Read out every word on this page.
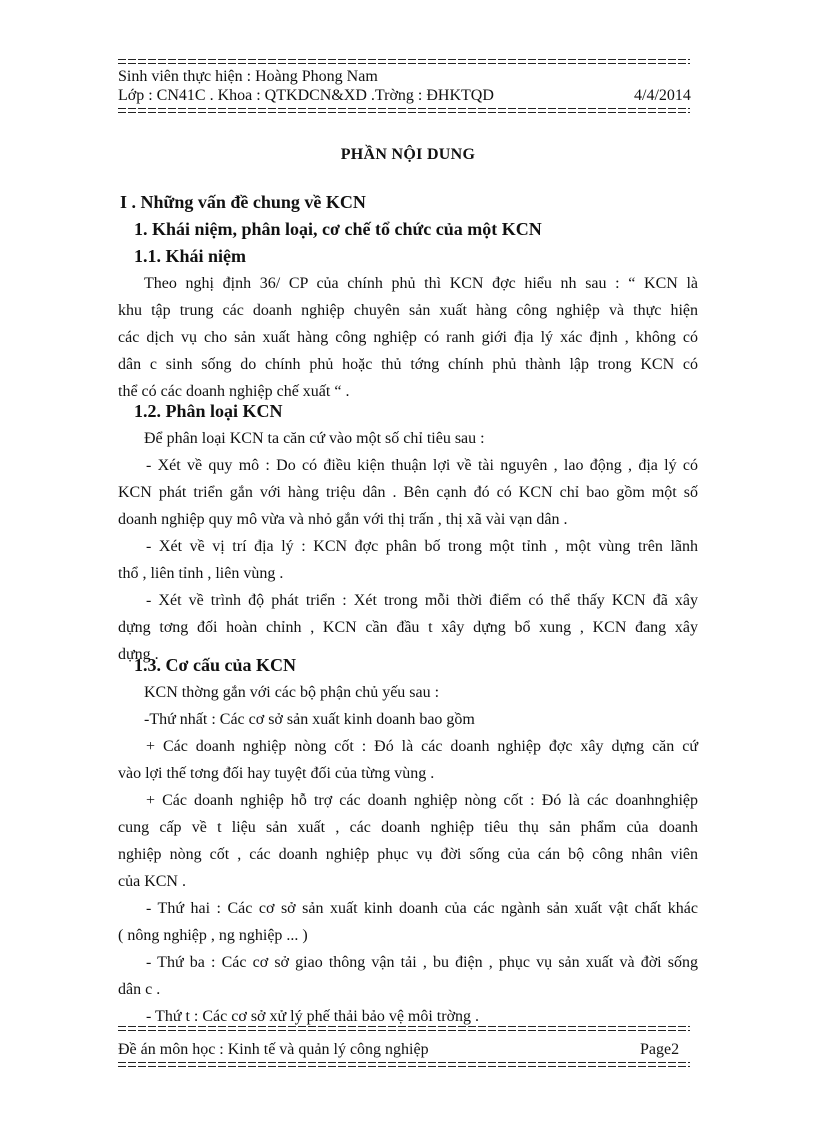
Sinh viên thực hiện : Hoàng Phong Nam
Lớp : CN41C . Khoa : QTKDCN&XD .Trờng : ĐHKTQD	4/4/2014
PHẦN NỘI DUNG
I . Những vấn đề chung về KCN
1. Khái niệm, phân loại, cơ chế tổ chức của một KCN
1.1. Khái niệm
Theo nghị định 36/ CP của chính phủ thì KCN đợc hiểu nh sau : “ KCN là
khu tập trung các doanh nghiệp chuyên sản xuất hàng công nghiệp và thực hiện
các dịch vụ cho sản xuất hàng công nghiệp có ranh giới địa lý xác định , không có
dân c sinh sống do chính phủ hoặc thủ tớng chính phủ thành lập trong KCN có
thể có các doanh nghiệp chế xuất “ .
1.2. Phân loại KCN
Để phân loại KCN ta căn cứ vào một số chỉ tiêu sau :
- Xét về quy mô : Do có điều kiện thuận lợi về tài nguyên , lao động , địa lý có
KCN phát triển gắn với hàng triệu dân . Bên cạnh đó có KCN chỉ bao gồm một số
doanh nghiệp quy mô vừa và nhỏ gắn với thị trấn , thị xã vài vạn dân .
- Xét về vị trí địa lý : KCN đợc phân bố trong một tỉnh , một vùng trên lãnh
thổ , liên tỉnh , liên vùng .
- Xét về trình độ phát triển : Xét trong mỗi thời điểm có thể thấy KCN đã xây
dựng tơng đối hoàn chỉnh , KCN cần đầu t xây dựng bổ xung , KCN đang xây
dựng .
1.3. Cơ cấu của KCN
KCN thờng gắn với các bộ phận chủ yếu sau :
-Thứ nhất : Các cơ sở sản xuất kinh doanh bao gồm
+ Các doanh nghiệp nòng cốt : Đó là các doanh nghiệp đợc xây dựng căn cứ
vào lợi thế tơng đối hay tuyệt đối của từng vùng .
+ Các doanh nghiệp hỗ trợ các doanh nghiệp nòng cốt : Đó là các doanhnghiệp
cung cấp về t liệu sản xuất , các doanh nghiệp tiêu thụ sản phẩm của doanh
nghiệp nòng cốt , các doanh nghiệp phục vụ đời sống của cán bộ công nhân viên
của KCN .
- Thứ hai : Các cơ sở sản xuất kinh doanh của các ngành sản xuất vật chất khác
( nông nghiệp , ng nghiệp ... )
- Thứ ba : Các cơ sở giao thông vận tải , bu điện , phục vụ sản xuất và đời sống
dân c .
- Thứ t : Các cơ sở xử lý phế thải bảo vệ môi trờng .
Đề án môn học : Kinh tế và quản lý công nghiệp	Page2
